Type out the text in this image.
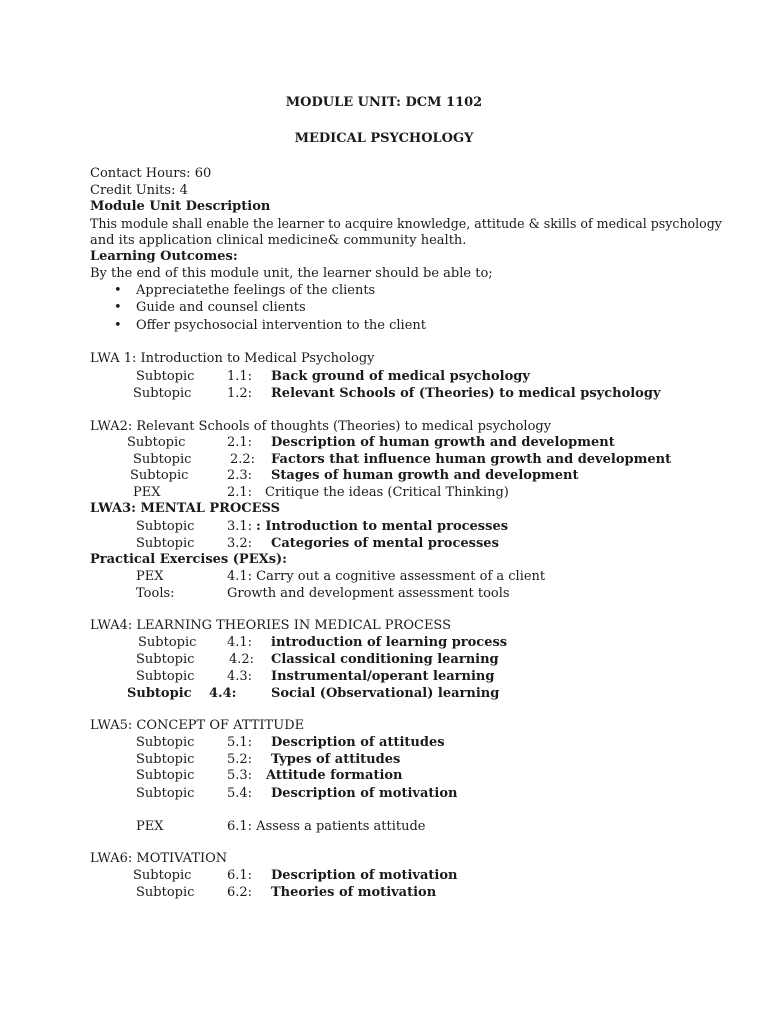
MODULE UNIT: DCM 1102
MEDICAL PSYCHOLOGY
Contact Hours: 60
Credit Units: 4
Module Unit Description
This module shall enable the learner to acquire knowledge, attitude & skills of medical psychology
and its application clinical medicine& community health.
Learning Outcomes:
By the end of this module unit, the learner should be able to;
• Appreciatethe feelings of the clients
• Guide and counsel clients
• Offer psychosocial intervention to the client
LWA 1: Introduction to Medical Psychology
Subtopic	1.1: Back ground of medical psychology
Subtopic	1.2: Relevant Schools of (Theories) to medical psychology
LWA2: Relevant Schools of thoughts (Theories) to medical psychology
Subtopic	2.1: Description of human growth and development
Subtopic	2.2: Factors that influence human growth and development
Subtopic	2.3: Stages of human growth and development
PEX	2.1: Critique the ideas (Critical Thinking)
LWA3: MENTAL PROCESS
Subtopic	3.1: : Introduction to mental processes
Subtopic	3.2: Categories of mental processes
Practical Exercises (PEXs):
PEX	4.1: Carry out a cognitive assessment of a client
Tools:	Growth and development assessment tools
LWA4: LEARNING THEORIES IN MEDICAL PROCESS
Subtopic 4.1: introduction of learning process
Subtopic	4.2: Classical conditioning learning
Subtopic	4.3: Instrumental/operant learning
Subtopic 4.4:	Social (Observational) learning
LWA5: CONCEPT OF ATTITUDE
Subtopic	5.1: Description of attitudes
Subtopic	5.2: Types of attitudes
Subtopic	5.3: Attitude formation
Subtopic	5.4: Description of motivation
PEX	6.1: Assess a patients attitude
LWA6: MOTIVATION
Subtopic	6.1: Description of motivation
Subtopic	6.2: Theories of motivation
